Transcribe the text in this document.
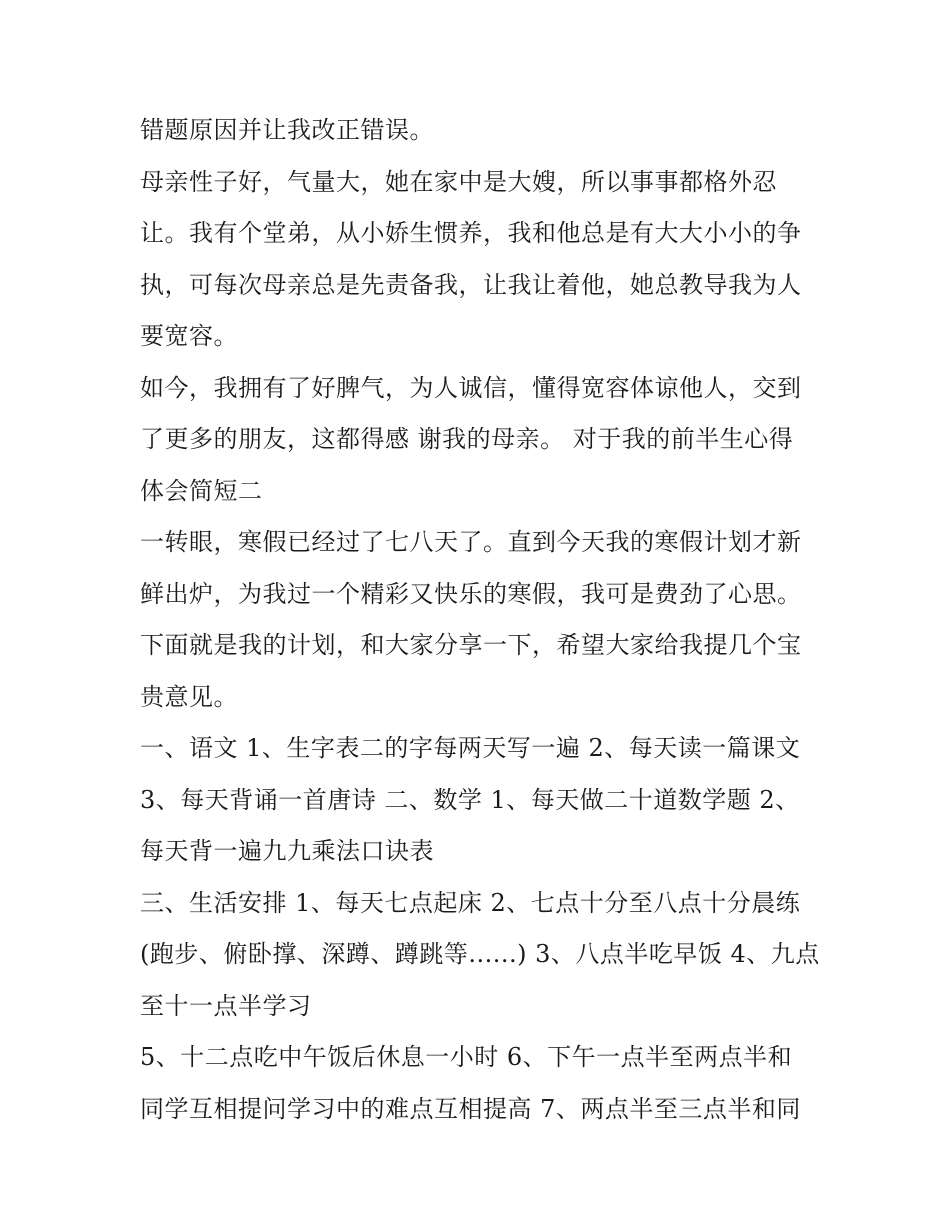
错题原因并让我改正错误。
母亲性子好，气量大，她在家中是大嫂，所以事事都格外忍
让。我有个堂弟，从小娇生惯养，我和他总是有大大小小的争
执，可每次母亲总是先责备我，让我让着他，她总教导我为人
要宽容。
如今，我拥有了好脾气，为人诚信，懂得宽容体谅他人，交到
了更多的朋友，这都得感 谢我的母亲。 对于我的前半生心得
体会简短二
一转眼，寒假已经过了七八天了。直到今天我的寒假计划才新
鲜出炉，为我过一个精彩又快乐的寒假，我可是费劲了心思。
下面就是我的计划，和大家分享一下，希望大家给我提几个宝
贵意见。
一、语文 1、生字表二的字每两天写一遍 2、每天读一篇课文
3、每天背诵一首唐诗 二、数学 1、每天做二十道数学题 2、
每天背一遍九九乘法口诀表
三、生活安排 1、每天七点起床 2、七点十分至八点十分晨练
(跑步、俯卧撑、深蹲、蹲跳等......) 3、八点半吃早饭 4、九点
至十一点半学习
5、十二点吃中午饭后休息一小时 6、下午一点半至两点半和
同学互相提问学习中的难点互相提高 7、两点半至三点半和同
